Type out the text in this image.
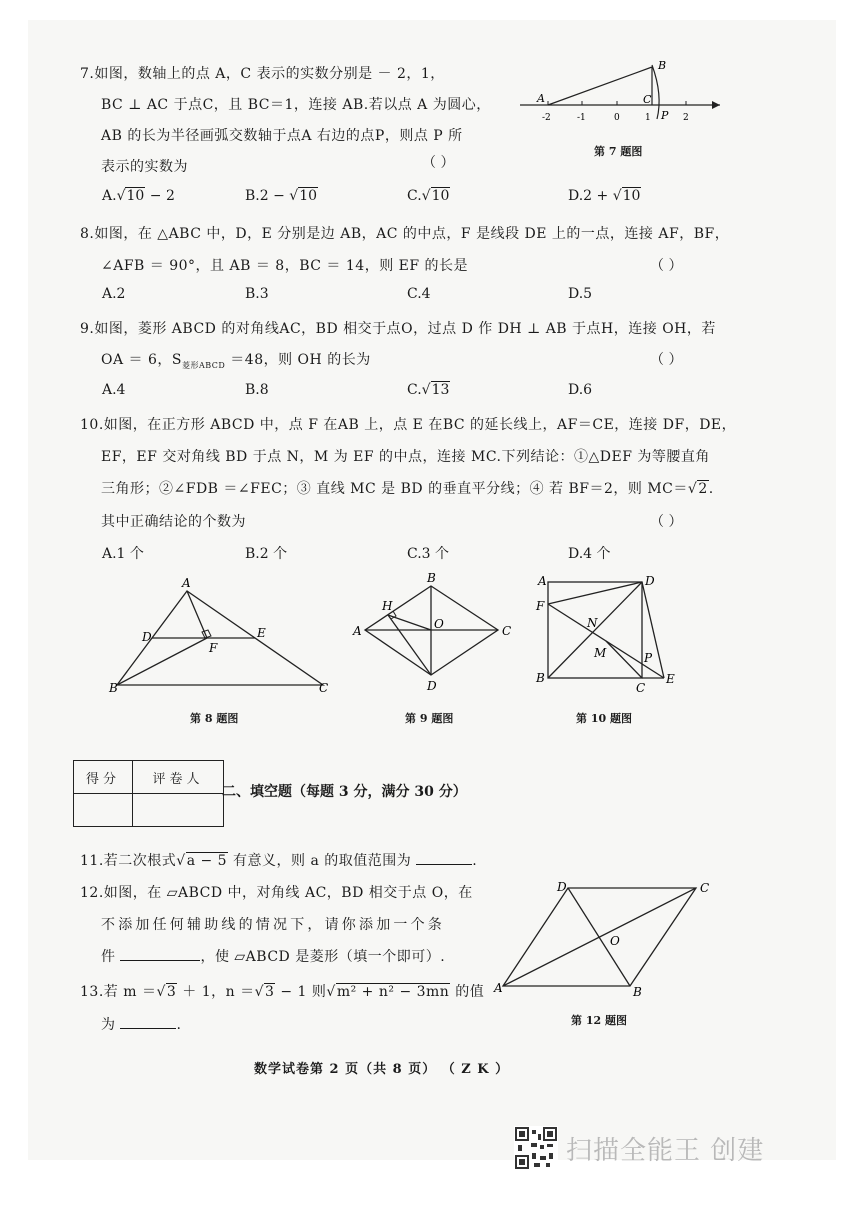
7.如图，数轴上的点 A，C 表示的实数分别是 － 2，1，
BC ⊥ AC 于点C，且 BC＝1，连接 AB.若以点 A 为圆心，
AB 的长为半径画弧交数轴于点A 右边的点P，则点 P 所
表示的实数为	（ ）
A.√10 − 2	B.2 − √10	C.√10	D.2 + √10
A
B
C
P
-2	-1	0	1	2
第 7 题图
8.如图，在 △ABC 中，D，E 分别是边 AB，AC 的中点，F 是线段 DE 上的一点，连接 AF，BF，
∠AFB ＝ 90°，且 AB ＝ 8，BC ＝ 14，则 EF 的长是	（ ）
A.2	B.3	C.4	D.5
9.如图，菱形 ABCD 的对角线AC，BD 相交于点O，过点 D 作 DH ⊥ AB 于点H，连接 OH，若
OA ＝ 6，$S_{菱形ABCD} =48$，则 OH 的长为	（ ）
A.4	B.8	C.√13	D.6
10.如图，在正方形 ABCD 中，点 F 在AB 上，点 E 在BC 的延长线上，AF＝CE，连接 DF，DE，
EF，EF 交对角线 BD 于点 N，M 为 EF 的中点，连接 MC.下列结论：①△DEF 为等腰直角
三角形；②∠FDB ＝∠FEC；③ 直线 MC 是 BD 的垂直平分线；④ 若 BF＝2，则 MC＝√2.
其中正确结论的个数为	（ ）
A.1 个	B.2 个	C.3 个	D.4 个
A
B	C
D	E
F
第 8 题图
B
A	C
D
H
O
第 9 题图
A
B
C
D
E
F
M
N
P
第 10 题图
得分	评卷人

二、填空题（每题 3 分，满分 30 分）
11.若二次根式√a − 5 有意义，则 a 的取值范围为	.
12.如图，在 ▱ABCD 中，对角线 AC，BD 相交于点 O，在
不添加任何辅助线的情况下，请你添加一个条
件	，使 ▱ABCD 是菱形（填一个即可）.
13.若 m ＝√3 ＋ 1，n ＝√3 − 1 则√m² + n² − 3mn 的值
为	.
A	B
C
D
O
第 12 题图
数学试卷第 2 页（共 8 页） （ Z K ）
扫描全能王 创建
